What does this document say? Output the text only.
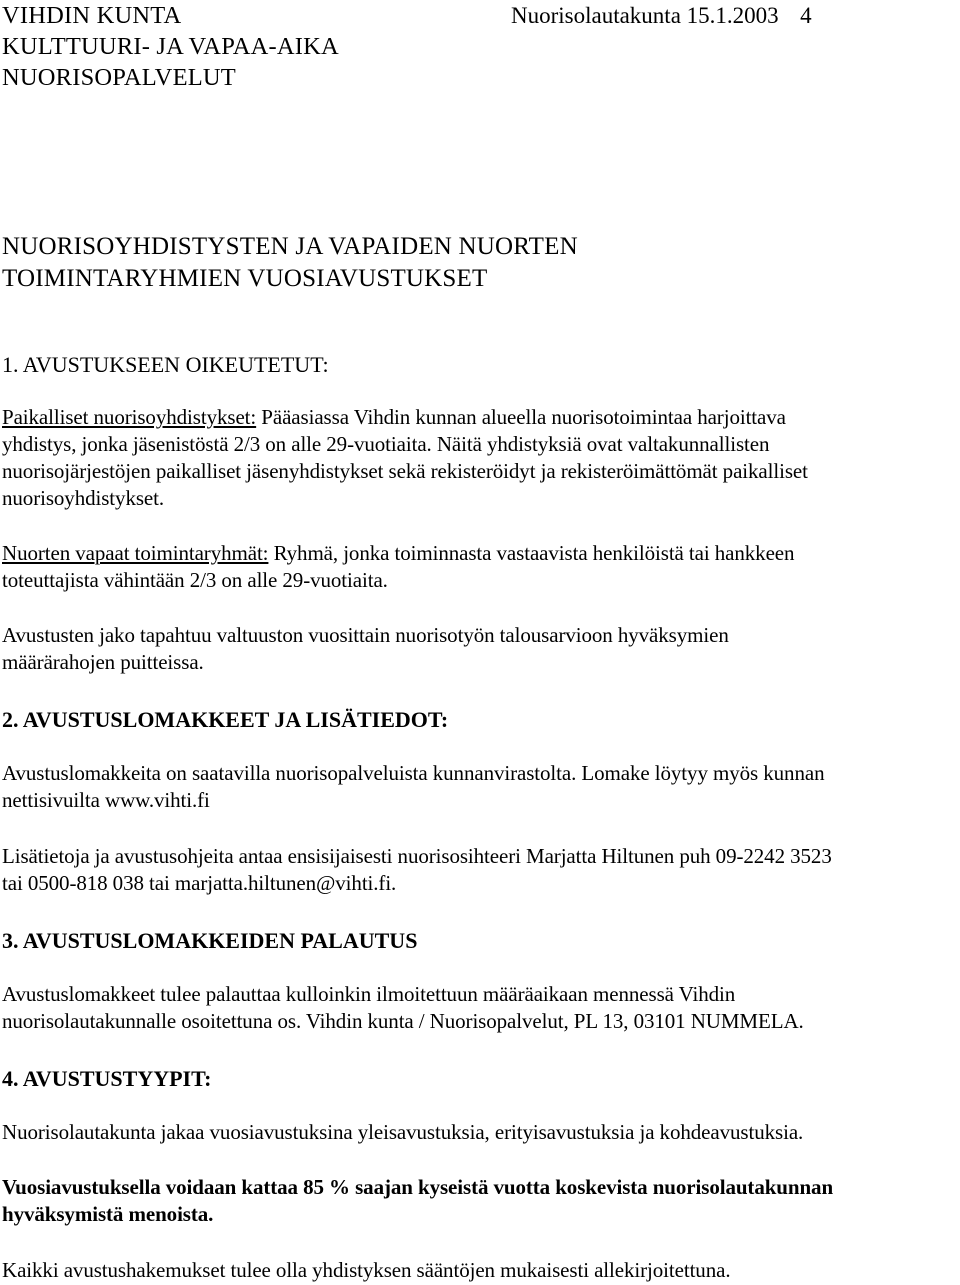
VIHDIN KUNTA	Nuorisolautakunta 15.1.2003 4
KULTTUURI- JA VAPAA-AIKA
NUORISOPALVELUT
NUORISOYHDISTYSTEN JA VAPAIDEN NUORTEN
TOIMINTARYHMIEN VUOSIAVUSTUKSET
1. AVUSTUKSEEN OIKEUTETUT:
Paikalliset nuorisoyhdistykset: Pääasiassa Vihdin kunnan alueella nuorisotoimintaa harjoittava
yhdistys, jonka jäsenistöstä 2/3 on alle 29-vuotiaita. Näitä yhdistyksiä ovat valtakunnallisten
nuorisojärjestöjen paikalliset jäsenyhdistykset sekä rekisteröidyt ja rekisteröimättömät paikalliset
nuorisoyhdistykset.
Nuorten vapaat toimintaryhmät: Ryhmä, jonka toiminnasta vastaavista henkilöistä tai hankkeen
toteuttajista vähintään 2/3 on alle 29-vuotiaita.
Avustusten jako tapahtuu valtuuston vuosittain nuorisotyön talousarvioon hyväksymien
määrärahojen puitteissa.
2. AVUSTUSLOMAKKEET JA LISÄTIEDOT:
Avustuslomakkeita on saatavilla nuorisopalveluista kunnanvirastolta. Lomake löytyy myös kunnan
nettisivuilta www.vihti.fi
Lisätietoja ja avustusohjeita antaa ensisijaisesti nuorisosihteeri Marjatta Hiltunen puh 09-2242 3523
tai 0500-818 038 tai marjatta.hiltunen@vihti.fi.
3. AVUSTUSLOMAKKEIDEN PALAUTUS
Avustuslomakkeet tulee palauttaa kulloinkin ilmoitettuun määräaikaan mennessä Vihdin
nuorisolautakunnalle osoitettuna os. Vihdin kunta / Nuorisopalvelut, PL 13, 03101 NUMMELA.
4. AVUSTUSTYYPIT:
Nuorisolautakunta jakaa vuosiavustuksina yleisavustuksia, erityisavustuksia ja kohdeavustuksia.
Vuosiavustuksella voidaan kattaa 85 % saajan kyseistä vuotta koskevista nuorisolautakunnan
hyväksymistä menoista.
Kaikki avustushakemukset tulee olla yhdistyksen sääntöjen mukaisesti allekirjoitettuna.
